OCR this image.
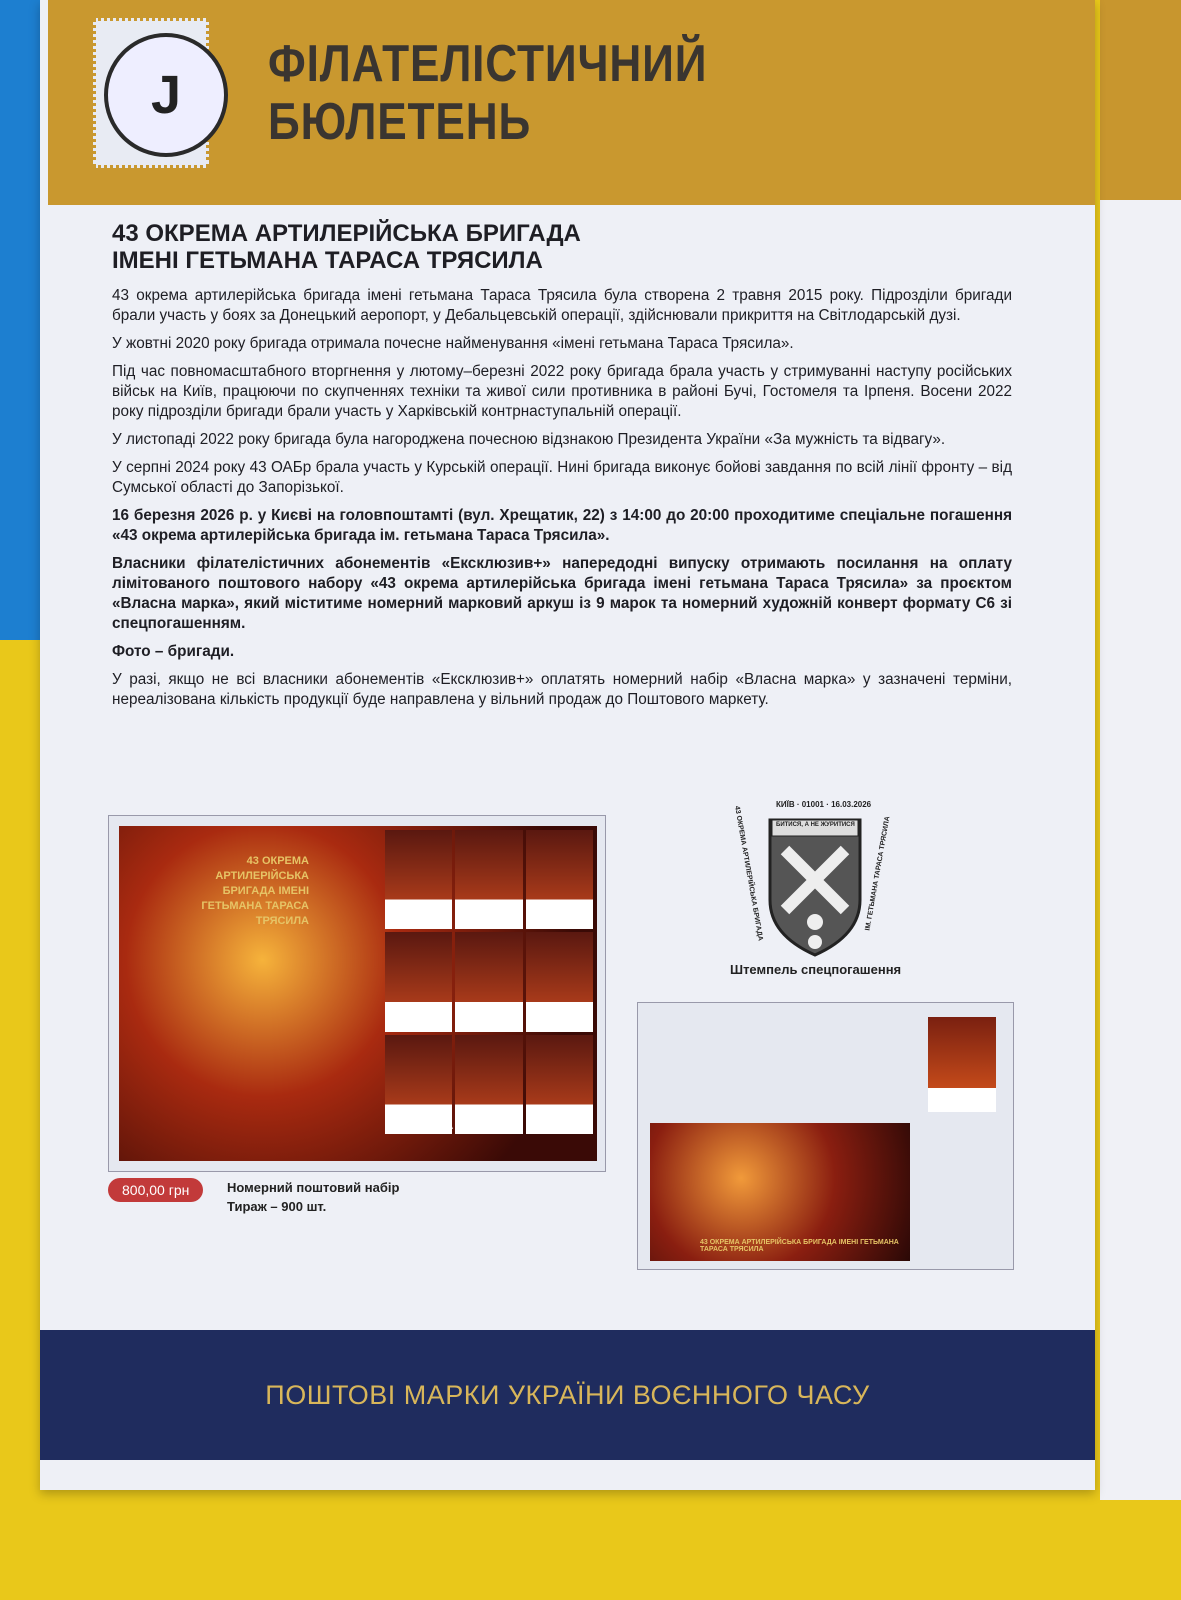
J
ФІЛАТЕЛІСТИЧНИЙ
БЮЛЕТЕНЬ
43 ОКРЕМА АРТИЛЕРІЙСЬКА БРИГАДА
ІМЕНІ ГЕТЬМАНА ТАРАСА ТРЯСИЛА

43 окрема артилерійська бригада імені гетьмана Тараса Трясила була створена 2 травня 2015 року. Підрозділи бригади брали участь у боях за Донецький аеропорт, у Дебальцевській операції, здійснювали прикриття на Світлодарській дузі.

У жовтні 2020 року бригада отримала почесне найменування «імені гетьмана Тараса Трясила».

Під час повномасштабного вторгнення у лютому–березні 2022 року бригада брала участь у стримуванні наступу російських військ на Київ, працюючи по скупченнях техніки та живої сили противника в районі Бучі, Гостомеля та Ірпеня. Восени 2022 року підрозділи бригади брали участь у Харківській контрнаступальній операції.

У листопаді 2022 року бригада була нагороджена почесною відзнакою Президента України «За мужність та відвагу».

У серпні 2024 року 43 ОАБр брала участь у Курській операції. Нині бригада виконує бойові завдання по всій лінії фронту – від Сумської області до Запорізької.

16 березня 2026 р. у Києві на головпоштамті (вул. Хрещатик, 22) з 14:00 до 20:00 проходитиме спеціальне погашення «43 окрема артилерійська бригада ім. гетьмана Тараса Трясила».

Власники філателістичних абонементів «Ексклюзив+» напередодні випуску отримають посилання на оплату лімітованого поштового набору «43 окрема артилерійська бригада імені гетьмана Тараса Трясила» за проєктом «Власна марка», який міститиме номерний марковий аркуш із 9 марок та номерний художній конверт формату С6 зі спецпогашенням.

Фото – бригади.

У разі, якщо не всі власники абонементів «Ексклюзив+» оплатять номерний набір «Власна марка» у зазначені терміни, нереалізована кількість продукції буде направлена у вільний продаж до Поштового маркету.

43 ОКРЕМА АРТИЛЕРІЙСЬКА БРИГАДА ІМЕНІ ГЕТЬМАНА ТАРАСА ТРЯСИЛА
УКРАЇНА
800,00 грн	Номерний поштовий набір
Тираж – 900 шт.
КИЇВ · 01001 · 16.03.2026
БИТИСЯ, А НЕ ЖУРИТИСЯ
43 ОКРЕМА АРТИЛЕРІЙСЬКА БРИГАДА	ІМ. ГЕТЬМАНА ТАРАСА ТРЯСИЛА
Штемпель спецпогашення
43 ОКРЕМА АРТИЛЕРІЙСЬКА БРИГАДА ІМЕНІ ГЕТЬМАНА ТАРАСА ТРЯСИЛА
ПОШТОВІ МАРКИ УКРАЇНИ ВОЄННОГО ЧАСУ
